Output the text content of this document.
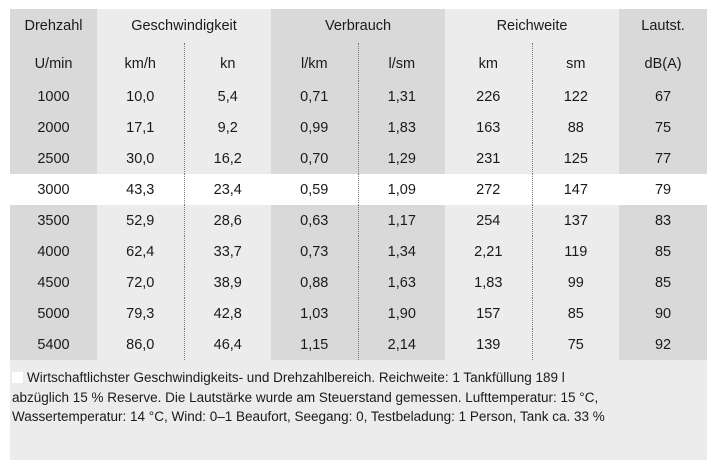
Drehzahl	Geschwindigkeit		Verbrauch		Reichweite		Lautst.
U/min	km/h	kn	l/km	l/sm	km	sm	dB(A)
1000	10,0	5,4	0,71	1,31	226	122	67
2000	17,1	9,2	0,99	1,83	163	88	75
2500	30,0	16,2	0,70	1,29	231	125	77
3000	43,3	23,4	0,59	1,09	272	147	79
3500	52,9	28,6	0,63	1,17	254	137	83
4000	62,4	33,7	0,73	1,34	2,21	119	85
4500	72,0	38,9	0,88	1,63	1,83	99	85
5000	79,3	42,8	1,03	1,90	157	85	90
5400	86,0	46,4	1,15	2,14	139	75	92
Wirtschaftlichster Geschwindigkeits- und Drehzahlbereich. Reichweite: 1 Tankfüllung 189 l
abzüglich 15 % Reserve. Die Lautstärke wurde am Steuerstand gemessen. Lufttemperatur: 15 °C,
Wassertemperatur: 14 °C, Wind: 0–1 Beaufort, Seegang: 0, Testbeladung: 1 Person, Tank ca. 33 %
